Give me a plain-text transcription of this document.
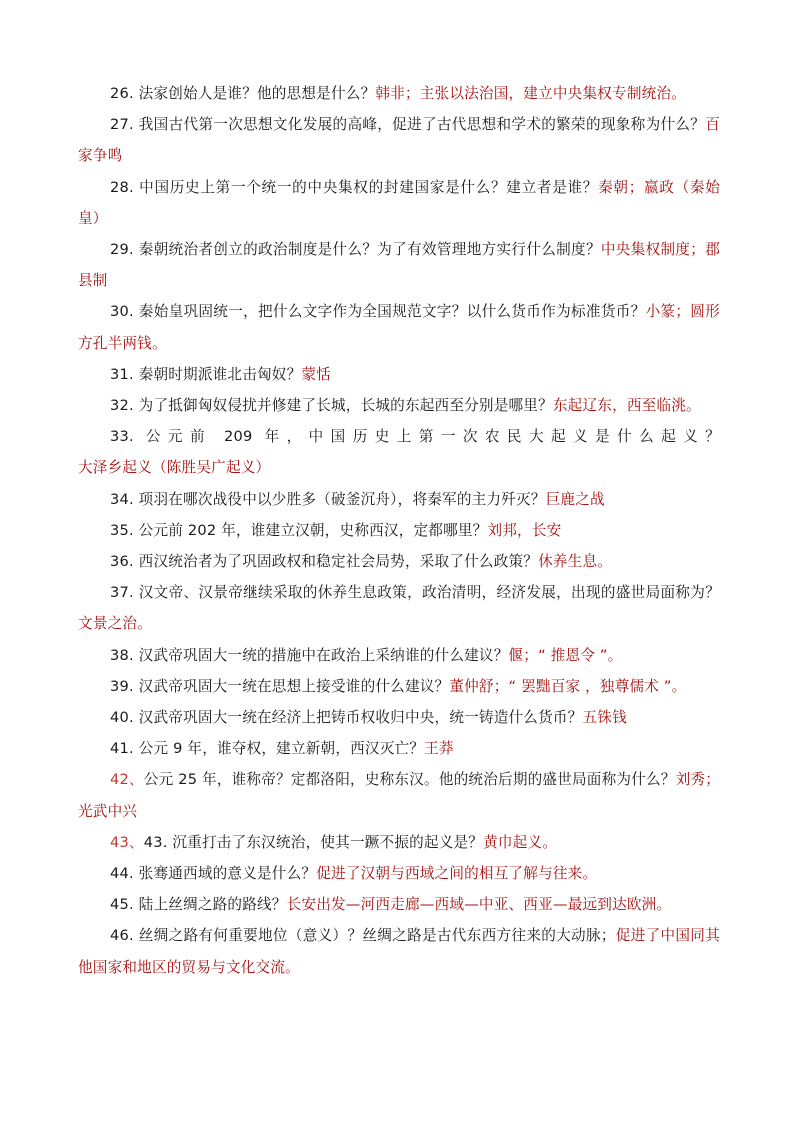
26. 法家创始人是谁？他的思想是什么？韩非；主张以法治国，建立中央集权专制统治。

27. 我国古代第一次思想文化发展的高峰，促进了古代思想和学术的繁荣的现象称为什么？百家争鸣

28. 中国历史上第一个统一的中央集权的封建国家是什么？建立者是谁？秦朝；嬴政（秦始皇）

29. 秦朝统治者创立的政治制度是什么？为了有效管理地方实行什么制度？中央集权制度；郡县制

30. 秦始皇巩固统一，把什么文字作为全国规范文字？以什么货币作为标准货币？小篆；圆形方孔半两钱。

31. 秦朝时期派谁北击匈奴？蒙恬

32. 为了抵御匈奴侵扰并修建了长城，长城的东起西至分别是哪里？东起辽东，西至临洮。

33. 公元前 209 年，中国历史上第一次农民大起义是什么起义？大泽乡起义（陈胜吴广起义）

34. 项羽在哪次战役中以少胜多（破釜沉舟），将秦军的主力歼灭？巨鹿之战

35. 公元前 202 年，谁建立汉朝，史称西汉，定都哪里？刘邦，长安

36. 西汉统治者为了巩固政权和稳定社会局势，采取了什么政策？休养生息。

37. 汉文帝、汉景帝继续采取的休养生息政策，政治清明，经济发展，出现的盛世局面称为？文景之治。

38. 汉武帝巩固大一统的措施中在政治上采纳谁的什么建议？偃；“ 推恩令 ”。

39. 汉武帝巩固大一统在思想上接受谁的什么建议？董仲舒；“ 罢黜百家 ，独尊儒术 ”。

40. 汉武帝巩固大一统在经济上把铸币权收归中央，统一铸造什么货币？五铢钱

41. 公元 9 年，谁夺权，建立新朝，西汉灭亡？王莽

42、公元 25 年，谁称帝？定都洛阳，史称东汉。他的统治后期的盛世局面称为什么？刘秀；光武中兴

43、43. 沉重打击了东汉统治，使其一蹶不振的起义是？黄巾起义。

44. 张骞通西域的意义是什么？促进了汉朝与西域之间的相互了解与往来。

45. 陆上丝绸之路的路线？长安出发—河西走廊—西域—中亚、西亚—最远到达欧洲。

46. 丝绸之路有何重要地位（意义）？丝绸之路是古代东西方往来的大动脉；促进了中国同其他国家和地区的贸易与文化交流。
